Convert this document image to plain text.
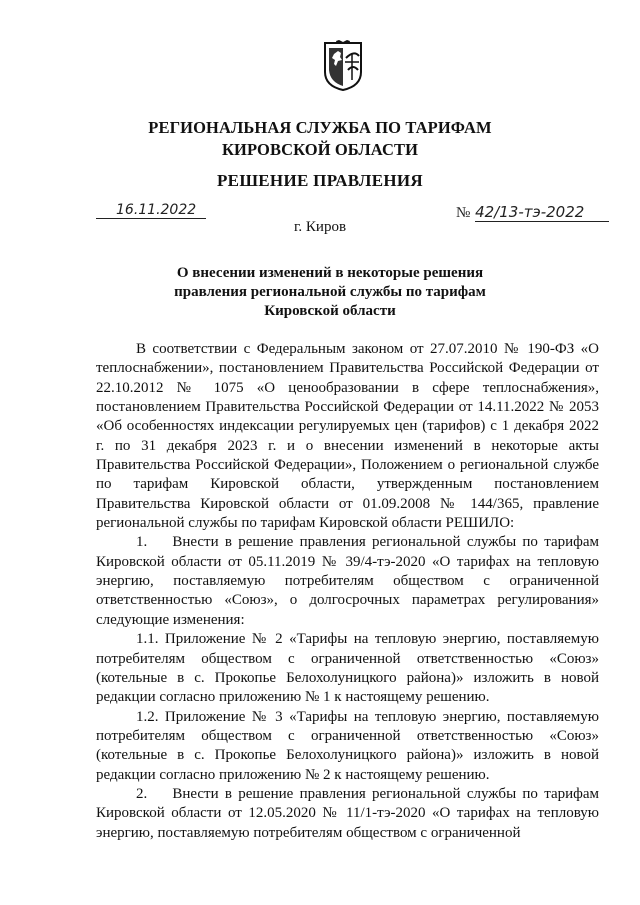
РЕГИОНАЛЬНАЯ СЛУЖБА ПО ТАРИФАМ
КИРОВСКОЙ ОБЛАСТИ
РЕШЕНИЕ ПРАВЛЕНИЯ
16.11.2022	№ 42/13-тэ-2022
г. Киров
О внесении изменений в некоторые решения
правления региональной службы по тарифам
Кировской области

В соответствии с Федеральным законом от 27.07.2010 № 190-ФЗ «О теплоснабжении», постановлением Правительства Российской Федерации от 22.10.2012 № 1075 «О ценообразовании в сфере теплоснабжения», постановлением Правительства Российской Федерации от 14.11.2022 № 2053 «Об особенностях индексации регулируемых цен (тарифов) с 1 декабря 2022 г. по 31 декабря 2023 г. и о внесении изменений в некоторые акты Правительства Российской Федерации», Положением о региональной службе по тарифам Кировской области, утвержденным постановлением Правительства Кировской области от 01.09.2008 № 144/365, правление региональной службы по тарифам Кировской области РЕШИЛО:

1.    Внести в решение правления региональной службы по тарифам Кировской области от 05.11.2019 № 39/4-тэ-2020 «О тарифах на тепловую энергию, поставляемую потребителям обществом с ограниченной ответственностью «Союз», о долгосрочных параметрах регулирования» следующие изменения:

1.1. Приложение № 2 «Тарифы на тепловую энергию, поставляемую потребителям обществом с ограниченной ответственностью «Союз» (котельные в с. Прокопье Белохолуницкого района)» изложить в новой редакции согласно приложению № 1 к настоящему решению.

1.2. Приложение № 3 «Тарифы на тепловую энергию, поставляемую потребителям обществом с ограниченной ответственностью «Союз» (котельные в с. Прокопье Белохолуницкого района)» изложить в новой редакции согласно приложению № 2 к настоящему решению.

2.    Внести в решение правления региональной службы по тарифам Кировской области от 12.05.2020 № 11/1-тэ-2020 «О тарифах на тепловую энергию, поставляемую потребителям обществом с ограниченной
